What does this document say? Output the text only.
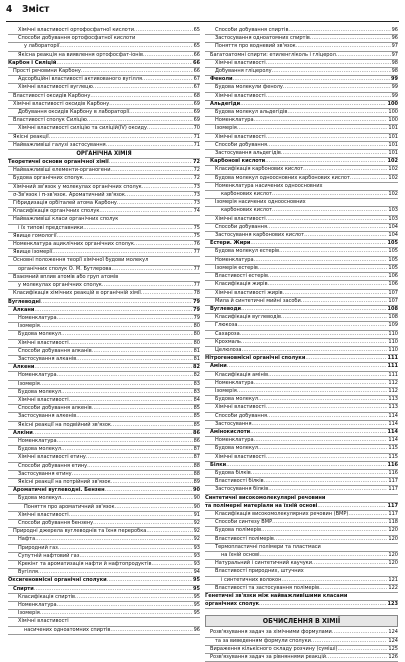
4 Зміст
Хімічні властивості ортофосфатної кислоти .....	65
Способи добування ортофосфатної кислоти
у лабораторії .....	65
Якісна реакція на виявлення ортофосфат-іонів .....	66
Карбон і Силіцій .....	66
Прості речовини Карбону .....	66
Адсорбційні властивості активованого вугілля .....	67
Хімічні властивості вуглецю .....	67
Властивості оксидів Карбону .....	68
Хімічні властивості оксидів Карбону .....	69
Добування оксидів Карбону в лабораторії .....	69
Властивості сполук Силіцію .....	69
Хімічні властивості силіцію та силіцій(IV) оксиду .....	70
Якісні реакції .....	71
Найважливіші галузі застосування .....	71
ОРГАНІЧНА ХІМІЯ
Теоретичні основи органічної хімії .....	72
Найважливіші елементи-органогени .....	72
Будова органічних сполук .....	72
Хімічний зв'язок у молекулах органічних сполук .....	73
σ-Зв'язок і π-зв'язок. Ароматичний зв'язок .....	73
Гібридизація орбіталей атома Карбону .....	73
Класифікація органічних сполук .....	74
Найважливіші класи органічних сполук
і їх типові представники .....	75
Явище гомології .....	75
Номенклатура ациклічних органічних сполук .....	76
Явище ізомерії .....	77
Основні положення теорії хімічної будови молекул
органічних сполук О. М. Бутлерова .....	77
Взаємний вплив атомів або груп атомів
у молекулах органічних сполук .....	77
Класифікація хімічних реакцій в органічній хімії .....	78
Вуглеводні .....	79
Алкани .....	79
Номенклатура .....	79
Ізомерія .....	80
Будова молекул .....	80
Хімічні властивості .....	80
Способи добування алканів .....	81
Застосування алканів .....	81
Алкени .....	82
Номенклатура .....	82
Ізомерія .....	83
Будова молекул .....	83
Хімічні властивості .....	84
Способи добування алкенів .....	85
Застосування алкенів .....	85
Якісні реакції на подвійний зв'язок .....	85
Алкіни .....	86
Номенклатура .....	86
Будова молекул .....	87
Хімічні властивості етину .....	87
Способи добування етину .....	88
Застосування етину .....	88
Якісні реакції на потрійний зв'язок .....	89
Ароматичні вуглеводні. Бензен .....	90
Будова молекул .....	90
Поняття про ароматичний зв'язок .....	90
Хімічні властивості .....	91
Способи добування бензену .....	92
Природні джерела вуглеводнів та їхня переробка .....	92
Нафта .....	92
Природний газ .....	93
Супутній нафтовий газ .....	93
Крекінг та ароматизація нафти й нафтопродуктів .....	93
Вугілля .....	94
Оксигеновмісні органічні сполуки .....	95
Спирти .....	95
Класифікація спиртів .....	95
Номенклатура .....	95
Ізомерія .....	95
Хімічні властивості
насичених одноатомних спиртів .....	96
Способи добування спиртів .....	96
Застосування одноатомних спиртів .....	96
Поняття про водневий зв'язок .....	97
Багатоатомні спирти: етиленгліколь і гліцерол .....	97
Хімічні властивості .....	98
Добування гліцеролу .....	98
Феноли .....	99
Будова молекули фенолу .....	99
Хімічні властивості .....	99
Альдегіди .....	100
Будова молекул альдегідів .....	100
Номенклатура .....	100
Ізомерія .....	101
Хімічні властивості .....	101
Способи добування .....	101
Застосування альдегідів .....	101
Карбонові кислоти .....	102
Класифікація карбонових кислот .....	102
Будова молекул одноосновних карбонових кислот .....	102
Номенклатура насичених одноосновних
карбонових кислот .....	102
Ізомерія насичених одноосновних
карбонових кислот .....	103
Хімічні властивості .....	103
Способи добування .....	104
Застосування карбонових кислот .....	104
Естери. Жири .....	105
Будова молекул естерів .....	105
Номенклатура .....	105
Ізомерія естерів .....	105
Властивості естерів .....	106
Класифікація жирів .....	106
Хімічні властивості жирів .....	107
Мила й синтетичні мийні засоби .....	107
Вуглеводи .....	108
Класифікація вуглеводів .....	108
Глюкоза .....	109
Сахароза .....	110
Крохмаль .....	110
Целюлоза .....	110
Нітрогеновмісні органічні сполуки .....	111
Аміни .....	111
Класифікація амінів .....	111
Номенклатура .....	112
Ізомерія .....	112
Будова молекул .....	113
Хімічні властивості .....	113
Способи добування .....	114
Застосування .....	114
Амінокислоти .....	114
Номенклатура .....	114
Будова молекул .....	115
Хімічні властивості .....	115
Білки .....	116
Будова білків .....	116
Властивості білків .....	117
Застосування білків .....	117
Синтетичні високомолекулярні речовини
та полімерні матеріали на їхній основі .....	117
Класифікація високомолекулярних речовин (ВМР) .....	117
Способи синтезу ВМР .....	118
Будова полімерів .....	120
Властивості полімерів .....	120
Термопластичні полімери та пластмаси
на їхній основі .....	120
Натуральний і синтетичний каучуки .....	120
Властивості природних, штучних
і синтетичних волокон .....	121
Властивості та застосування полімерів .....	122
Генетичні зв'язки між найважливішими класами
органічних сполук .....	123
ОБЧИСЛЕННЯ В ХІМІЇ
Розв'язування задач за хімічними формулами .....	124
та за виведенням формули сполуки .....	124
Вираження кількісного складу розчину (суміші) .....	125
Розв'язування задач за рівняннями реакцій .....	126
